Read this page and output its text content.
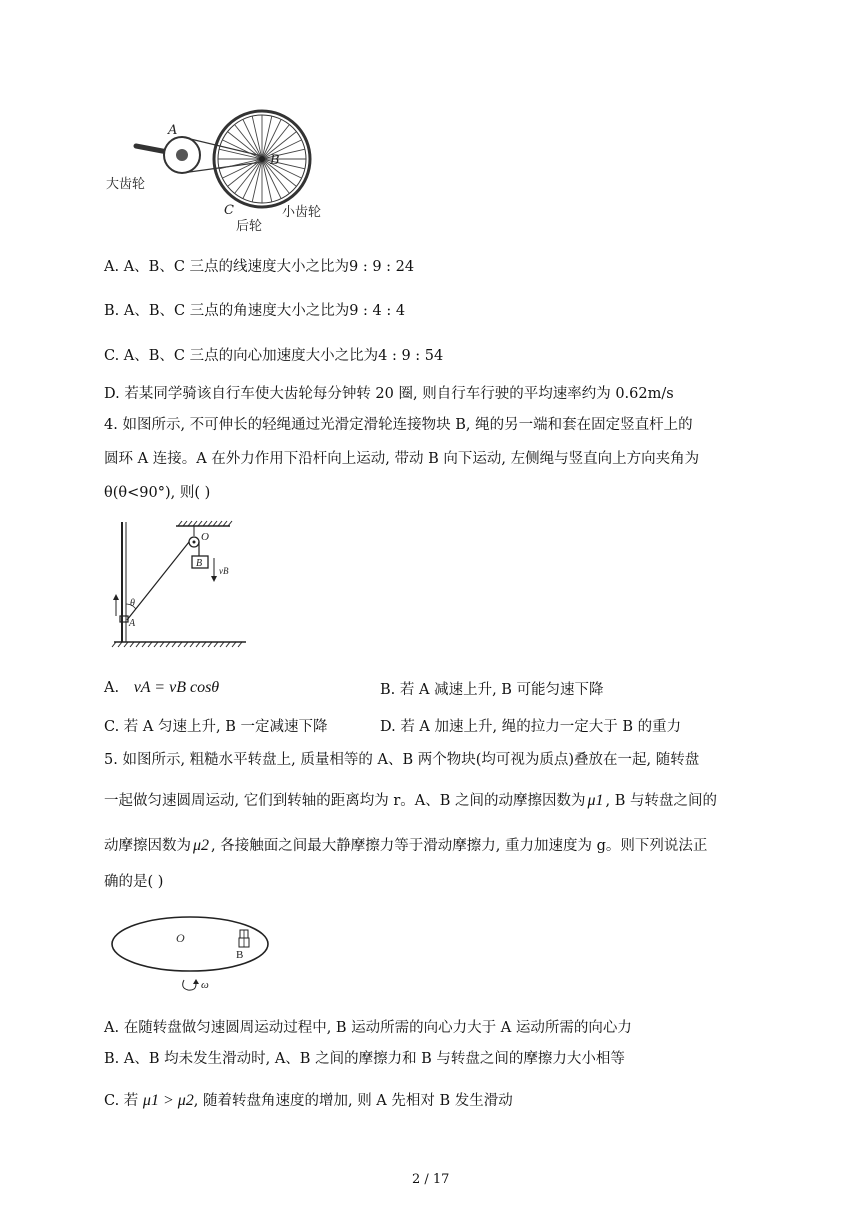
A
B
C
大齿轮
后轮
小齿轮
A. A、B、C 三点的线速度大小之比为9 : 9 : 24
B. A、B、C 三点的角速度大小之比为9 : 4 : 4
C. A、B、C 三点的向心加速度大小之比为4 : 9 : 54
D. 若某同学骑该自行车使大齿轮每分钟转 20 圈, 则自行车行驶的平均速率约为 0.62m/s
4. 如图所示, 不可伸长的轻绳通过光滑定滑轮连接物块 B, 绳的另一端和套在固定竖直杆上的
圆环 A 连接。A 在外力作用下沿杆向上运动, 带动 B 向下运动, 左侧绳与竖直向上方向夹角为
θ(θ<90°), 则( )
O
B
vB
θ
A
A. vA = vB cosθ	B. 若 A 减速上升, B 可能匀速下降
C. 若 A 匀速上升, B 一定减速下降	D. 若 A 加速上升, 绳的拉力一定大于 B 的重力
5. 如图所示, 粗糙水平转盘上, 质量相等的 A、B 两个物块(均可视为质点)叠放在一起, 随转盘
一起做匀速圆周运动, 它们到转轴的距离均为 r。A、B 之间的动摩擦因数为 μ1 , B 与转盘之间的
动摩擦因数为 μ2 , 各接触面之间最大静摩擦力等于滑动摩擦力, 重力加速度为 g。则下列说法正
确的是( )
O
B
ω
A. 在随转盘做匀速圆周运动过程中, B 运动所需的向心力大于 A 运动所需的向心力
B. A、B 均未发生滑动时, A、B 之间的摩擦力和 B 与转盘之间的摩擦力大小相等
C. 若 μ1 > μ2, 随着转盘角速度的增加, 则 A 先相对 B 发生滑动
2 / 17
